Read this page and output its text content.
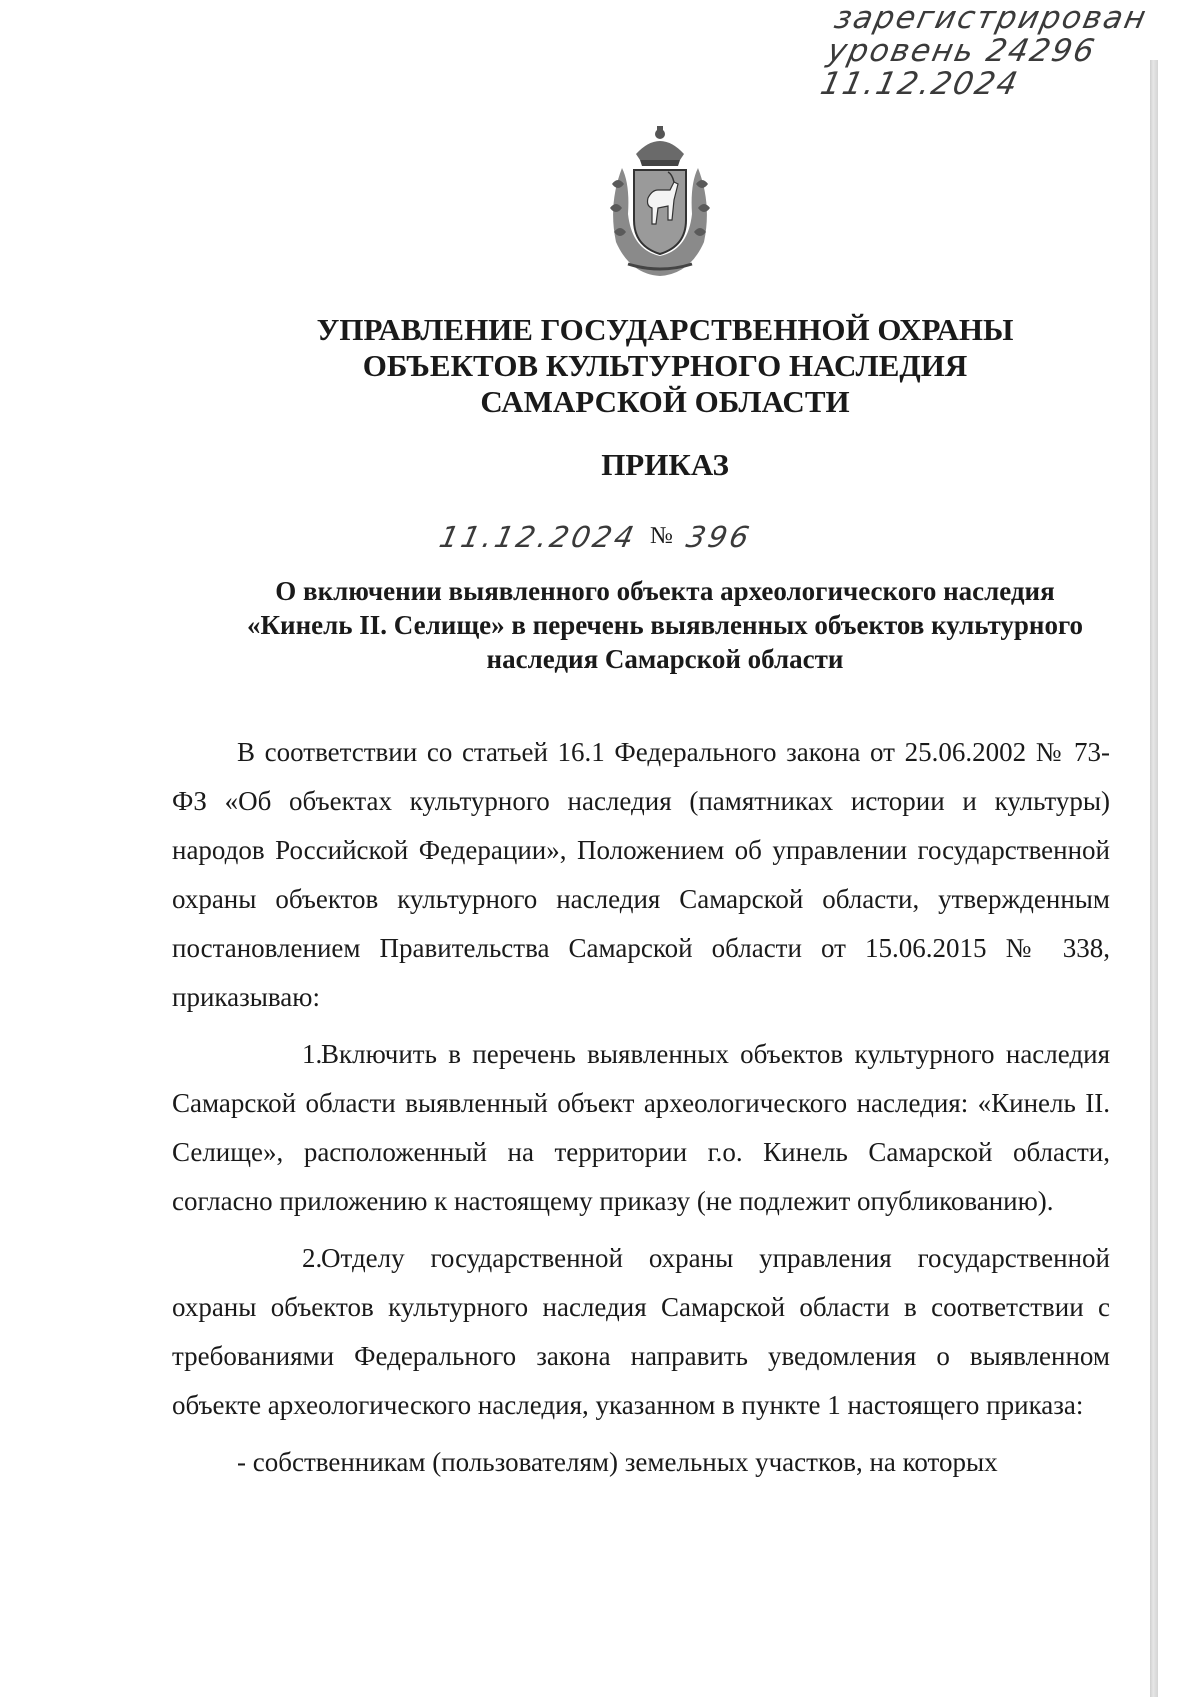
зарегистрирован
уровень 24296
11.12.2024
УПРАВЛЕНИЕ ГОСУДАРСТВЕННОЙ ОХРАНЫ
ОБЪЕКТОВ КУЛЬТУРНОГО НАСЛЕДИЯ
САМАРСКОЙ ОБЛАСТИ
ПРИКАЗ
11.12.2024 № 396
О включении выявленного объекта археологического наследия
«Кинель II. Селище» в перечень выявленных объектов культурного
наследия Самарской области

В соответствии со статьей 16.1 Федерального закона от 25.06.2002 № 73-ФЗ «Об объектах культурного наследия (памятниках истории и культуры) народов Российской Федерации», Положением об управлении государственной охраны объектов культурного наследия Самарской области, утвержденным постановлением Правительства Самарской области от 15.06.2015 № 338, приказываю:

1.Включить в перечень выявленных объектов культурного наследия Самарской области выявленный объект археологического наследия: «Кинель II. Селище», расположенный на территории г.о. Кинель Самарской области, согласно приложению к настоящему приказу (не подлежит опубликованию).

2.Отделу государственной охраны управления государственной охраны объектов культурного наследия Самарской области в соответствии с требованиями Федерального закона направить уведомления о выявленном объекте археологического наследия, указанном в пункте 1 настоящего приказа:

- собственникам (пользователям) земельных участков, на которых
